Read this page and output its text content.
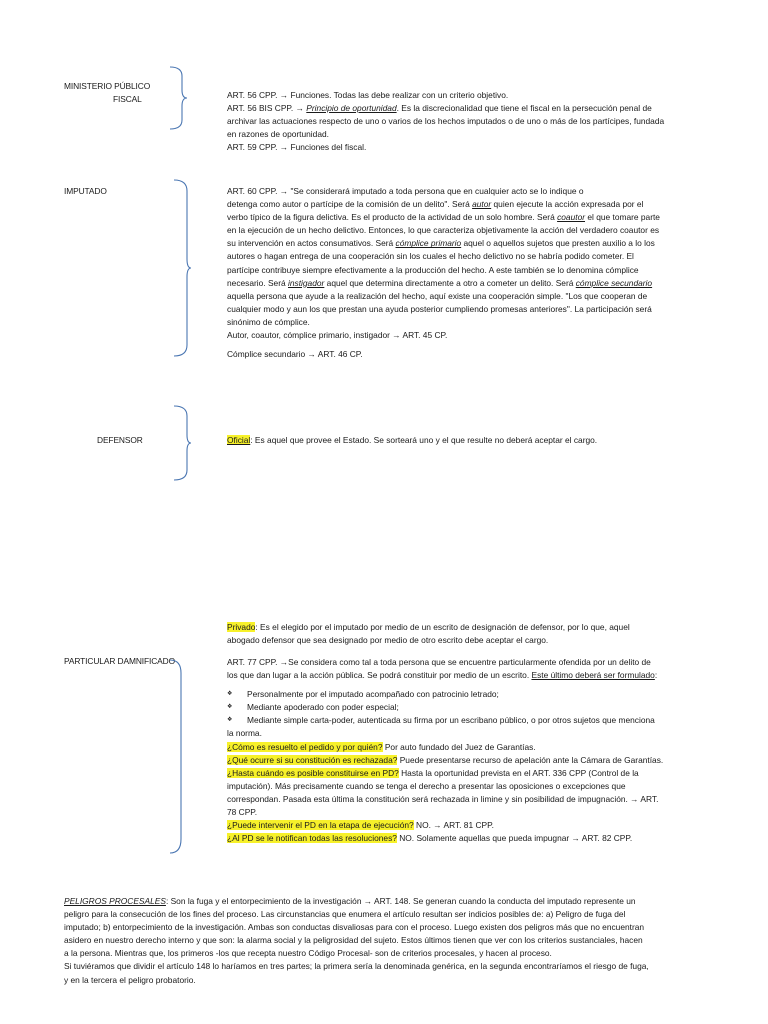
MINISTERIO PÚBLICO
FISCAL	ART. 56 CPP. → Funciones. Todas las debe realizar con un criterio objetivo.

ART. 56 BIS CPP. → Principio de oportunidad. Es la discrecionalidad que tiene el fiscal en la persecución penal de

archivar las actuaciones respecto de uno o varios de los hechos imputados o de uno o más de los partícipes, fundada

en razones de oportunidad.

ART. 59 CPP. → Funciones del fiscal.

IMPUTADO	ART. 60 CPP. → "Se considerará imputado a toda persona que en cualquier acto se lo indique o

detenga como autor o partícipe de la comisión de un delito". Será autor quien ejecute la acción expresada por el

verbo típico de la figura delictiva. Es el producto de la actividad de un solo hombre. Será coautor el que tomare parte

en la ejecución de un hecho delictivo. Entonces, lo que caracteriza objetivamente la acción del verdadero coautor es

su intervención en actos consumativos. Será cómplice primario aquel o aquellos sujetos que presten auxilio a lo los

autores o hagan entrega de una cooperación sin los cuales el hecho delictivo no se habría podido cometer. El

partícipe contribuye siempre efectivamente a la producción del hecho. A este también se lo denomina cómplice

necesario. Será instigador aquel que determina directamente a otro a cometer un delito. Será cómplice secundario

aquella persona que ayude a la realización del hecho, aquí existe una cooperación simple. "Los que cooperan de

cualquier modo y aun los que prestan una ayuda posterior cumpliendo promesas anteriores". La participación será

sinónimo de cómplice.

Autor, coautor, cómplice primario, instigador → ART. 45 CP.

Cómplice secundario → ART. 46 CP.

DEFENSOR	Oficial: Es aquel que provee el Estado. Se sorteará uno y el que resulte no deberá aceptar el cargo.

Privado: Es el elegido por el imputado por medio de un escrito de designación de defensor, por lo que, aquel

abogado defensor que sea designado por medio de otro escrito debe aceptar el cargo.

PARTICULAR DAMNIFICADO	ART. 77 CPP. →Se considera como tal a toda persona que se encuentre particularmente ofendida por un delito de

los que dan lugar a la acción pública. Se podrá constituir por medio de un escrito. Este último deberá ser formulado:

❖ Personalmente por el imputado acompañado con patrocinio letrado;

❖ Mediante apoderado con poder especial;

❖ Mediante simple carta-poder, autenticada su firma por un escribano público, o por otros sujetos que menciona

la norma.

¿Cómo es resuelto el pedido y por quién? Por auto fundado del Juez de Garantías.

¿Qué ocurre si su constitución es rechazada? Puede presentarse recurso de apelación ante la Cámara de Garantías.

¿Hasta cuándo es posible constituirse en PD? Hasta la oportunidad prevista en el ART. 336 CPP (Control de la

imputación). Más precisamente cuando se tenga el derecho a presentar las oposiciones o excepciones que

correspondan. Pasada esta última la constitución será rechazada in limine y sin posibilidad de impugnación. → ART.

78 CPP.

¿Puede intervenir el PD en la etapa de ejecución? NO. → ART. 81 CPP.

¿Al PD se le notifican todas las resoluciones? NO. Solamente aquellas que pueda impugnar → ART. 82 CPP.

PELIGROS PROCESALES: Son la fuga y el entorpecimiento de la investigación → ART. 148. Se generan cuando la conducta del imputado represente un

peligro para la consecución de los fines del proceso. Las circunstancias que enumera el artículo resultan ser indicios posibles de: a) Peligro de fuga del

imputado; b) entorpecimiento de la investigación. Ambas son conductas disvaliosas para con el proceso. Luego existen dos peligros más que no encuentran

asidero en nuestro derecho interno y que son: la alarma social y la peligrosidad del sujeto. Estos últimos tienen que ver con los criterios sustanciales, hacen

a la persona. Mientras que, los primeros -los que recepta nuestro Código Procesal- son de criterios procesales, y hacen al proceso.

Si tuviéramos que dividir el artículo 148 lo haríamos en tres partes; la primera sería la denominada genérica, en la segunda encontraríamos el riesgo de fuga,

y en la tercera el peligro probatorio.
